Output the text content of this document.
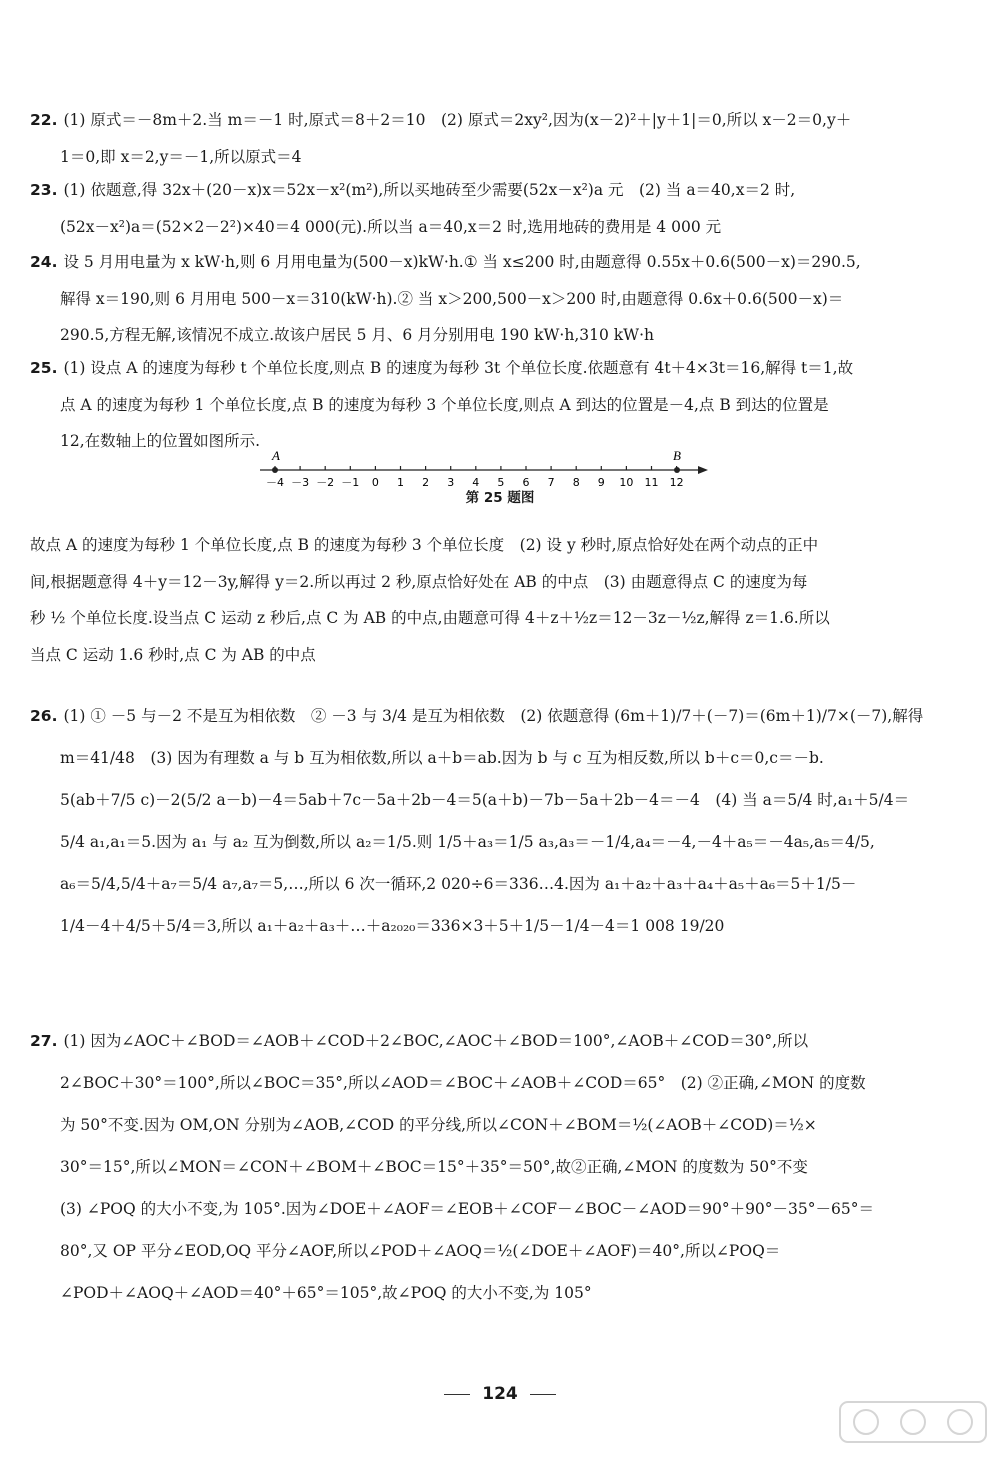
22. (1) 原式＝－8m＋2.当 m＝－1 时,原式＝8＋2＝10　(2) 原式＝2xy²,因为(x－2)²＋|y＋1|＝0,所以 x－2＝0,y＋
1＝0,即 x＝2,y＝－1,所以原式＝4
23. (1) 依题意,得 32x＋(20－x)x＝52x－x²(m²),所以买地砖至少需要(52x－x²)a 元　(2) 当 a＝40,x＝2 时,
(52x－x²)a＝(52×2－2²)×40＝4 000(元).所以当 a＝40,x＝2 时,选用地砖的费用是 4 000 元
24. 设 5 月用电量为 x kW·h,则 6 月用电量为(500－x)kW·h.① 当 x≤200 时,由题意得 0.55x＋0.6(500－x)＝290.5,
解得 x＝190,则 6 月用电 500－x＝310(kW·h).② 当 x＞200,500－x＞200 时,由题意得 0.6x＋0.6(500－x)＝
290.5,方程无解,该情况不成立.故该户居民 5 月、6 月分别用电 190 kW·h,310 kW·h
25. (1) 设点 A 的速度为每秒 t 个单位长度,则点 B 的速度为每秒 3t 个单位长度.依题意有 4t＋4×3t＝16,解得 t＝1,故
点 A 的速度为每秒 1 个单位长度,点 B 的速度为每秒 3 个单位长度,则点 A 到达的位置是－4,点 B 到达的位置是
12,在数轴上的位置如图所示.
－4 －3 －2 －1 0 1 2 3 4 5 6 7 8 9 10 11 12
A	B
第 25 题图
故点 A 的速度为每秒 1 个单位长度,点 B 的速度为每秒 3 个单位长度　(2) 设 y 秒时,原点恰好处在两个动点的正中
间,根据题意得 4＋y＝12－3y,解得 y＝2.所以再过 2 秒,原点恰好处在 AB 的中点　(3) 由题意得点 C 的速度为每
秒 ½ 个单位长度.设当点 C 运动 z 秒后,点 C 为 AB 的中点,由题意可得 4＋z＋½z＝12－3z－½z,解得 z＝1.6.所以
当点 C 运动 1.6 秒时,点 C 为 AB 的中点
26. (1) ① －5 与－2 不是互为相依数　② －3 与 3/4 是互为相依数　(2) 依题意得 (6m＋1)/7＋(－7)＝(6m＋1)/7×(－7),解得
m＝41/48　(3) 因为有理数 a 与 b 互为相依数,所以 a＋b＝ab.因为 b 与 c 互为相反数,所以 b＋c＝0,c＝－b.
5(ab＋7/5 c)－2(5/2 a－b)－4＝5ab＋7c－5a＋2b－4＝5(a＋b)－7b－5a＋2b－4＝－4　(4) 当 a＝5/4 时,a₁＋5/4＝
5/4 a₁,a₁＝5.因为 a₁ 与 a₂ 互为倒数,所以 a₂＝1/5.则 1/5＋a₃＝1/5 a₃,a₃＝－1/4,a₄＝－4,－4＋a₅＝－4a₅,a₅＝4/5,
a₆＝5/4,5/4＋a₇＝5/4 a₇,a₇＝5,…,所以 6 次一循环,2 020÷6＝336…4.因为 a₁＋a₂＋a₃＋a₄＋a₅＋a₆＝5＋1/5－
1/4－4＋4/5＋5/4＝3,所以 a₁＋a₂＋a₃＋…＋a₂₀₂₀＝336×3＋5＋1/5－1/4－4＝1 008 19/20
27. (1) 因为∠AOC＋∠BOD＝∠AOB＋∠COD＋2∠BOC,∠AOC＋∠BOD＝100°,∠AOB＋∠COD＝30°,所以
2∠BOC＋30°＝100°,所以∠BOC＝35°,所以∠AOD＝∠BOC＋∠AOB＋∠COD＝65°　(2) ②正确,∠MON 的度数
为 50°不变.因为 OM,ON 分别为∠AOB,∠COD 的平分线,所以∠CON＋∠BOM＝½(∠AOB＋∠COD)＝½×
30°＝15°,所以∠MON＝∠CON＋∠BOM＋∠BOC＝15°＋35°＝50°,故②正确,∠MON 的度数为 50°不变
(3) ∠POQ 的大小不变,为 105°.因为∠DOE＋∠AOF＝∠EOB＋∠COF－∠BOC－∠AOD＝90°＋90°－35°－65°＝
80°,又 OP 平分∠EOD,OQ 平分∠AOF,所以∠POD＋∠AOQ＝½(∠DOE＋∠AOF)＝40°,所以∠POQ＝
∠POD＋∠AOQ＋∠AOD＝40°＋65°＝105°,故∠POQ 的大小不变,为 105°
124
